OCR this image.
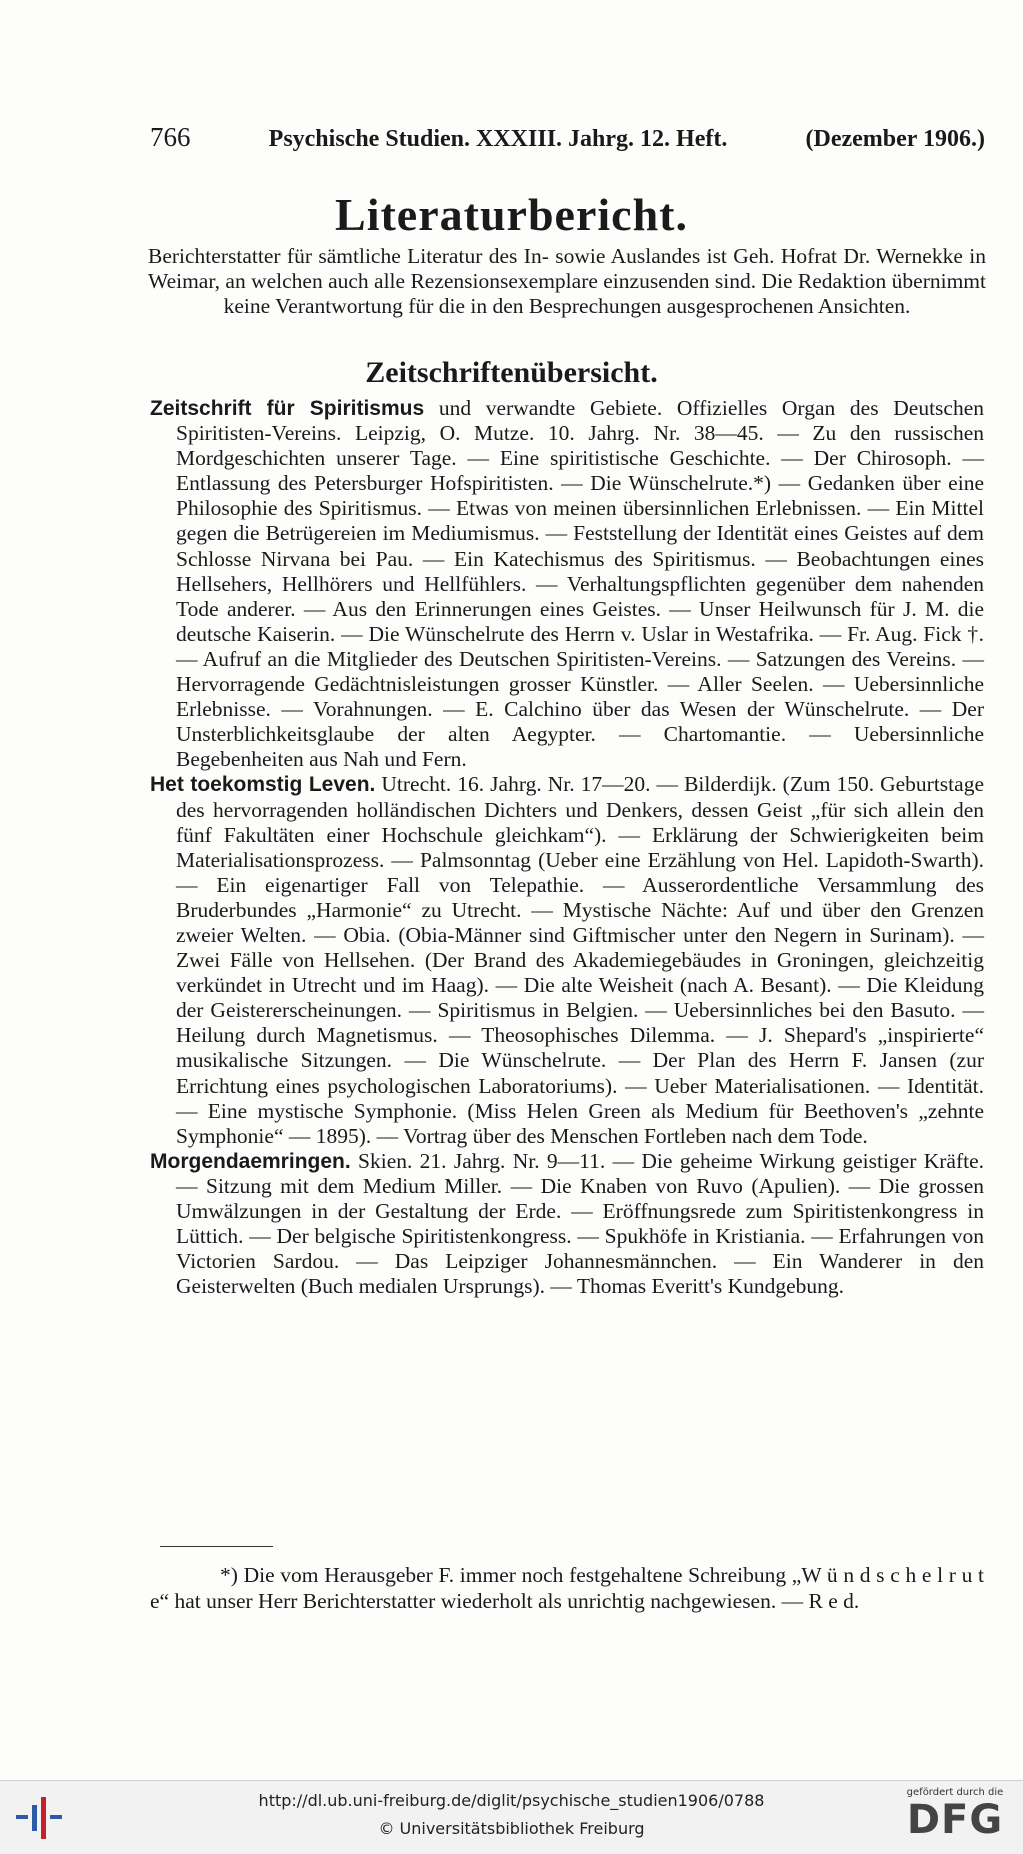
766	Psychische Studien. XXXIII. Jahrg. 12. Heft.	(Dezember 1906.)
Literaturbericht.
Berichterstatter für sämtliche Literatur des In- sowie Auslandes ist Geh. Hofrat Dr. Wernekke in Weimar, an welchen auch alle Rezensionsexemplare einzusenden sind. Die Redaktion übernimmt keine Verantwortung für die in den Besprechungen ausgesprochenen Ansichten.
Zeitschriftenübersicht.

Zeitschrift für Spiritismus und verwandte Gebiete. Offizielles Organ des Deutschen Spiritisten-Vereins. Leipzig, O. Mutze. 10. Jahrg. Nr. 38—45. — Zu den russischen Mordgeschichten unserer Tage. — Eine spiritistische Geschichte. — Der Chirosoph. — Entlassung des Petersburger Hofspiritisten. — Die Wünschelrute.*) — Gedanken über eine Philosophie des Spiritismus. — Etwas von meinen übersinnlichen Erlebnissen. — Ein Mittel gegen die Betrügereien im Mediumismus. — Feststellung der Identität eines Geistes auf dem Schlosse Nirvana bei Pau. — Ein Katechismus des Spiritismus. — Beobachtungen eines Hellsehers, Hellhörers und Hellfühlers. — Verhaltungspflichten gegenüber dem nahenden Tode anderer. — Aus den Erinnerungen eines Geistes. — Unser Heilwunsch für J. M. die deutsche Kaiserin. — Die Wünschelrute des Herrn v. Uslar in Westafrika. — Fr. Aug. Fick †. — Aufruf an die Mitglieder des Deutschen Spiritisten-Vereins. — Satzungen des Vereins. — Hervorragende Gedächtnisleistungen grosser Künstler. — Aller Seelen. — Uebersinnliche Erlebnisse. — Vorahnungen. — E. Calchino über das Wesen der Wünschelrute. — Der Unsterblichkeitsglaube der alten Aegypter. — Chartomantie. — Uebersinnliche Begebenheiten aus Nah und Fern.

Het toekomstig Leven. Utrecht. 16. Jahrg. Nr. 17—20. — Bilderdijk. (Zum 150. Geburtstage des hervorragenden holländischen Dichters und Denkers, dessen Geist „für sich allein den fünf Fakultäten einer Hochschule gleichkam“). — Erklärung der Schwierigkeiten beim Materialisationsprozess. — Palmsonntag (Ueber eine Erzählung von Hel. Lapidoth-Swarth). — Ein eigenartiger Fall von Telepathie. — Ausserordentliche Versammlung des Bruderbundes „Harmonie“ zu Utrecht. — Mystische Nächte: Auf und über den Grenzen zweier Welten. — Obia. (Obia-Männer sind Giftmischer unter den Negern in Surinam). — Zwei Fälle von Hellsehen. (Der Brand des Akademiegebäudes in Groningen, gleichzeitig verkündet in Utrecht und im Haag). — Die alte Weisheit (nach A. Besant). — Die Kleidung der Geistererscheinungen. — Spiritismus in Belgien. — Uebersinnliches bei den Basuto. — Heilung durch Magnetismus. — Theosophisches Dilemma. — J. Shepard's „inspirierte“ musikalische Sitzungen. — Die Wünschelrute. — Der Plan des Herrn F. Jansen (zur Errichtung eines psychologischen Laboratoriums). — Ueber Materialisationen. — Identität. — Eine mystische Symphonie. (Miss Helen Green als Medium für Beethoven's „zehnte Symphonie“ — 1895). — Vortrag über des Menschen Fortleben nach dem Tode.

Morgendaemringen. Skien. 21. Jahrg. Nr. 9—11. — Die geheime Wirkung geistiger Kräfte. — Sitzung mit dem Medium Miller. — Die Knaben von Ruvo (Apulien). — Die grossen Umwälzungen in der Gestaltung der Erde. — Eröffnungsrede zum Spiritistenkongress in Lüttich. — Der belgische Spiritistenkongress. — Spukhöfe in Kristiania. — Erfahrungen von Victorien Sardou. — Das Leipziger Johannesmännchen. — Ein Wanderer in den Geisterwelten (Buch medialen Ursprungs). — Thomas Everitt's Kundgebung.

*) Die vom Herausgeber F. immer noch festgehaltene Schreibung „W ü n d s c h e l r u t e“ hat unser Herr Berichterstatter wiederholt als unrichtig nachgewiesen. — R e d.
http://dl.ub.uni-freiburg.de/diglit/psychische_studien1906/0788
© Universitätsbibliothek Freiburg
gefördert durch die
DFG
